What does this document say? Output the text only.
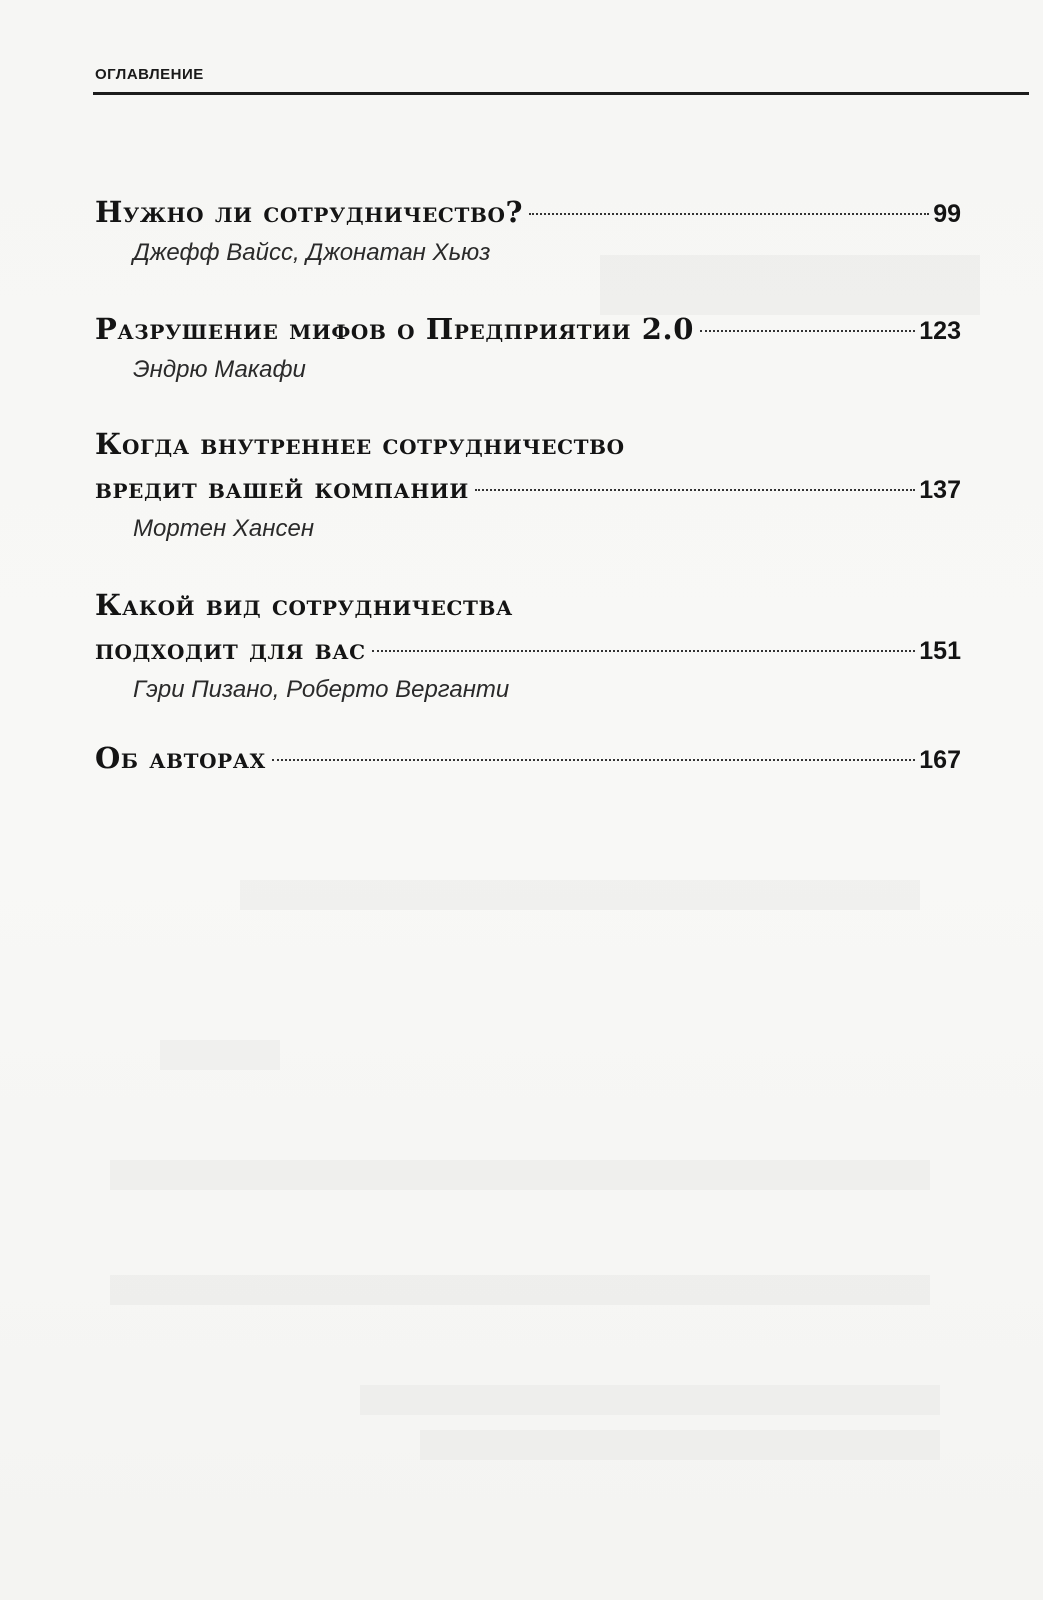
ОГЛАВЛЕНИЕ
Нужно ли сотрудничество?	99
Джефф Вайсс, Джонатан Хьюз
Разрушение мифов о Предприятии 2.0	123
Эндрю Макафи
Когда внутреннее сотрудничество
вредит вашей компании	137
Мортен Хансен
Какой вид сотрудничества
подходит для вас	151
Гэри Пизано, Роберто Верганти
Об авторах	167
